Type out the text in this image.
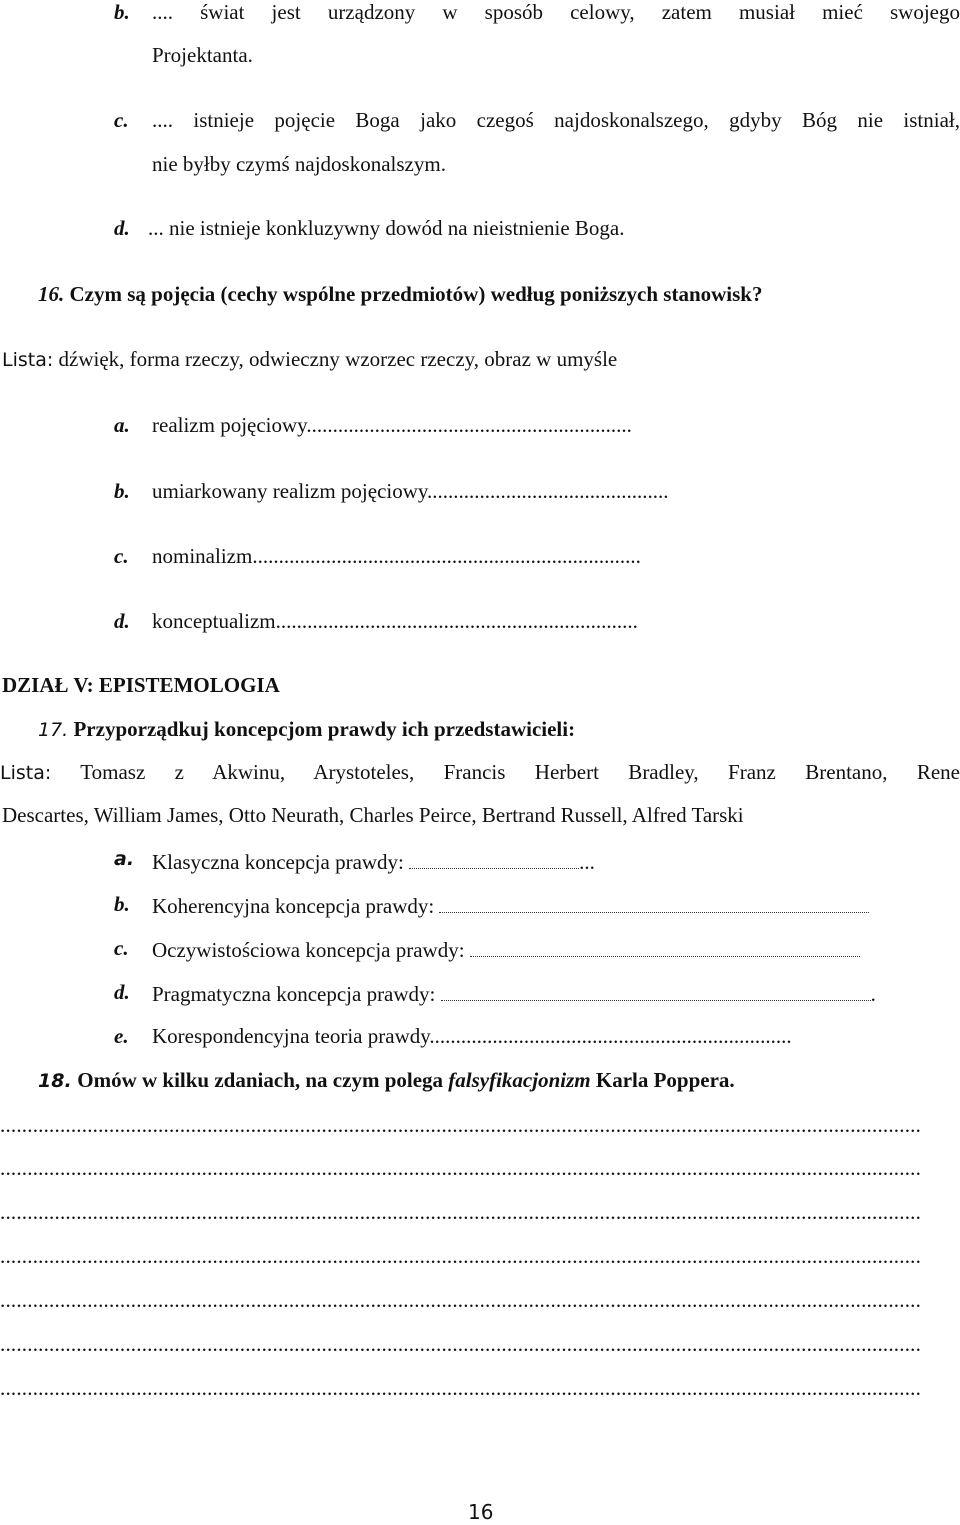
b. .... świat jest urządzony w sposób celowy, zatem musiał mieć swojego
Projektanta.
c. .... istnieje pojęcie Boga jako czegoś najdoskonalszego, gdyby Bóg nie istniał,
nie byłby czymś najdoskonalszym.
d. ... nie istnieje konkluzywny dowód na nieistnienie Boga.
16. Czym są pojęcia (cechy wspólne przedmiotów) według poniższych stanowisk?
Lista: dźwięk, forma rzeczy, odwieczny wzorzec rzeczy, obraz w umyśle
a. realizm pojęciowy..............................................................
b. umiarkowany realizm pojęciowy..............................................
c. nominalizm..........................................................................
d. konceptualizm.....................................................................
DZIAŁ V: EPISTEMOLOGIA
17. Przyporządkuj koncepcjom prawdy ich przedstawicieli:
Lista: Tomasz z Akwinu, Arystoteles, Francis Herbert Bradley, Franz Brentano, Rene
Descartes, William James, Otto Neurath, Charles Peirce, Bertrand Russell, Alfred Tarski
a. Klasyczna koncepcja prawdy:	...
b. Koherencyjna koncepcja prawdy:
c. Oczywistościowa koncepcja prawdy:
d. Pragmatyczna koncepcja prawdy:	.
e. Korespondencyjna teoria prawdy.....................................................................
18. Omów w kilku zdaniach, na czym polega falsyfikacjonizm Karla Poppera.
.........................................................................................................................................................................
.........................................................................................................................................................................
.........................................................................................................................................................................
.........................................................................................................................................................................
.........................................................................................................................................................................
.........................................................................................................................................................................
.........................................................................................................................................................................
16
